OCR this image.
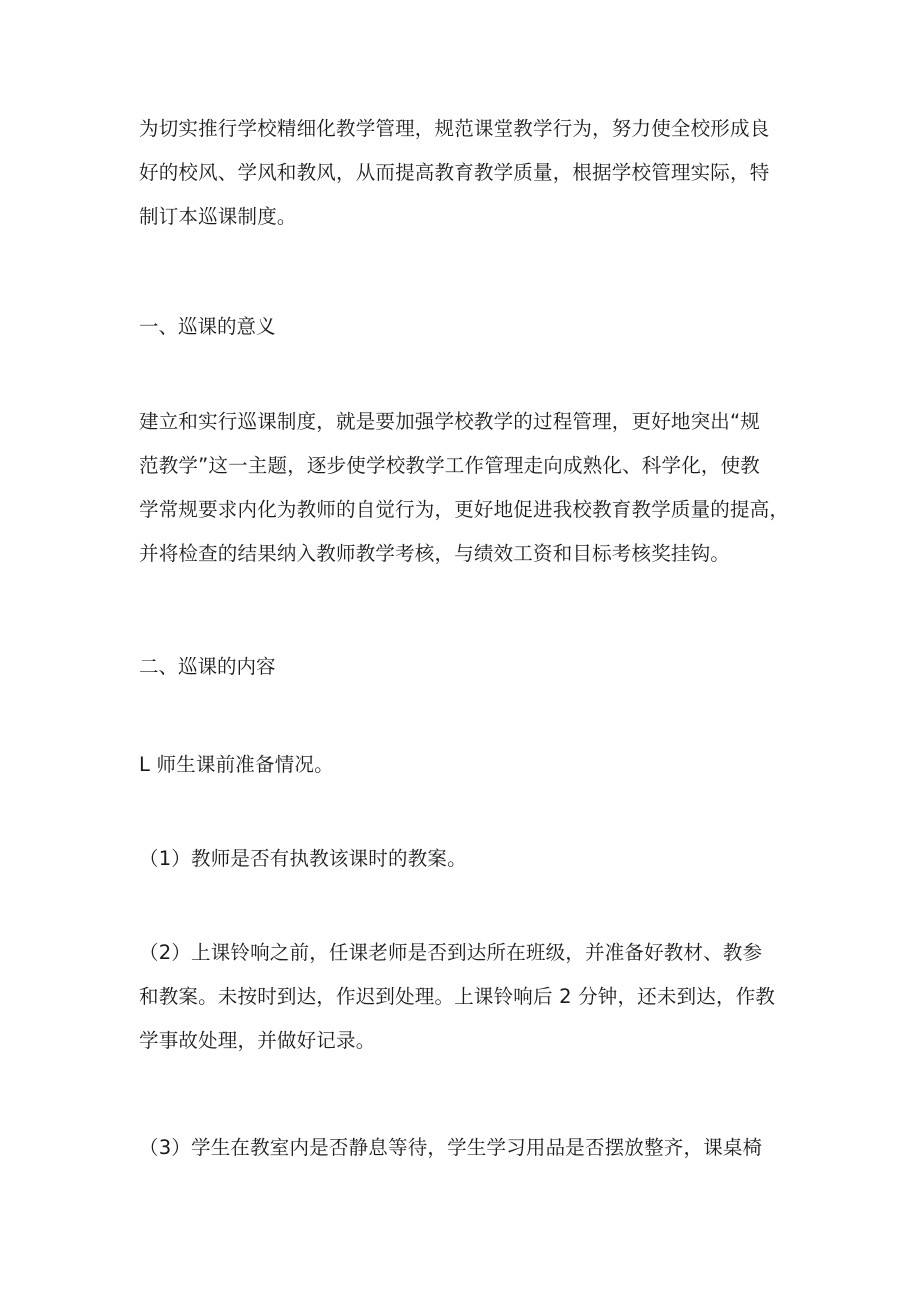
为切实推行学校精细化教学管理，规范课堂教学行为，努力使全校形成良
好的校风、学风和教风，从而提高教育教学质量，根据学校管理实际，特
制订本巡课制度。

一、巡课的意义

建立和实行巡课制度，就是要加强学校教学的过程管理，更好地突出“规
范教学”这一主题，逐步使学校教学工作管理走向成熟化、科学化，使教
学常规要求内化为教师的自觉行为，更好地促进我校教育教学质量的提高，
并将检查的结果纳入教师教学考核，与绩效工资和目标考核奖挂钩。

二、巡课的内容

L 师生课前准备情况。

（1）教师是否有执教该课时的教案。

（2）上课铃响之前，任课老师是否到达所在班级，并准备好教材、教参
和教案。未按时到达，作迟到处理。上课铃响后 2 分钟，还未到达，作教
学事故处理，并做好记录。

（3）学生在教室内是否静息等待，学生学习用品是否摆放整齐，课桌椅
